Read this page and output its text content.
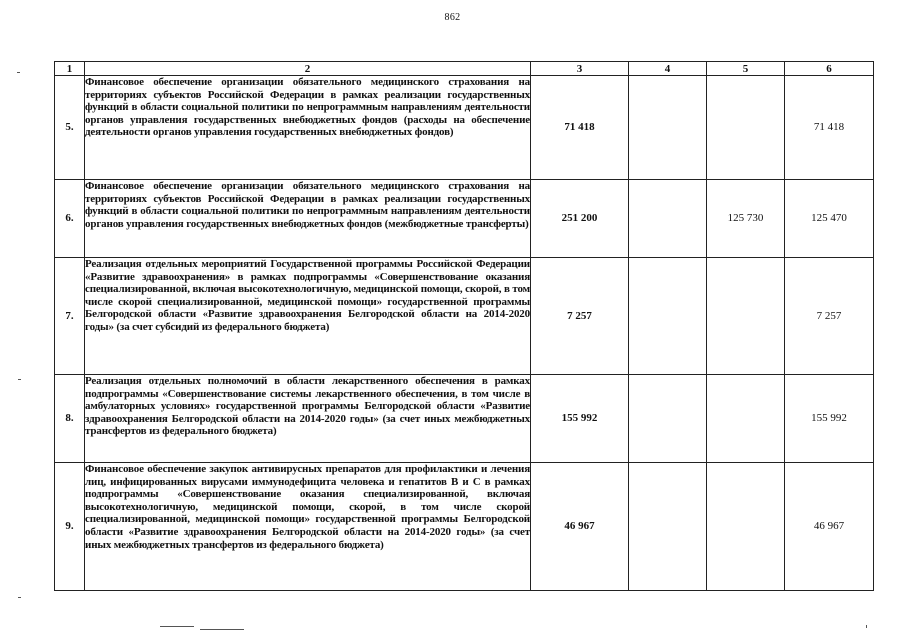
862
1	2	3	4	5	6
5.	Финансовое обеспечение организации обязательного медицинского страхования на территориях субъектов Российской Федерации в рамках реализации государственных функций в области социальной политики по непрограммным направлениям деятельности органов управления государственных внебюджетных фондов (расходы на обеспечение деятельности органов управления государственных внебюджетных фондов)	71 418			71 418
6.	Финансовое обеспечение организации обязательного медицинского страхования на территориях субъектов Российской Федерации в рамках реализации государственных функций в области социальной политики по непрограммным направлениям деятельности органов управления государственных внебюджетных фондов (межбюджетные трансферты)	251 200		125 730	125 470
7.	Реализация отдельных мероприятий Государственной программы Российской Федерации «Развитие здравоохранения» в рамках подпрограммы «Совершенствование оказания специализированной, включая высокотехнологичную, медицинской помощи, скорой, в том числе скорой специализированной, медицинской помощи» государственной программы Белгородской области «Развитие здравоохранения Белгородской области на 2014-2020 годы» (за счет субсидий из федерального бюджета)	7 257			7 257
8.	Реализация отдельных полномочий в области лекарственного обеспечения в рамках подпрограммы «Совершенствование системы лекарственного обеспечения, в том числе в амбулаторных условиях» государственной программы Белгородской области «Развитие здравоохранения Белгородской области на 2014-2020 годы» (за счет иных межбюджетных трансфертов из федерального бюджета)	155 992			155 992
9.	Финансовое обеспечение закупок антивирусных препаратов для профилактики и лечения лиц, инфицированных вирусами иммунодефицита человека и гепатитов B и C в рамках подпрограммы «Совершенствование оказания специализированной, включая высокотехнологичную, медицинской помощи, скорой, в том числе скорой специализированной, медицинской помощи» государственной программы Белгородской области «Развитие здравоохранения Белгородской области на 2014-2020 годы» (за счет иных межбюджетных трансфертов из федерального бюджета)	46 967			46 967
